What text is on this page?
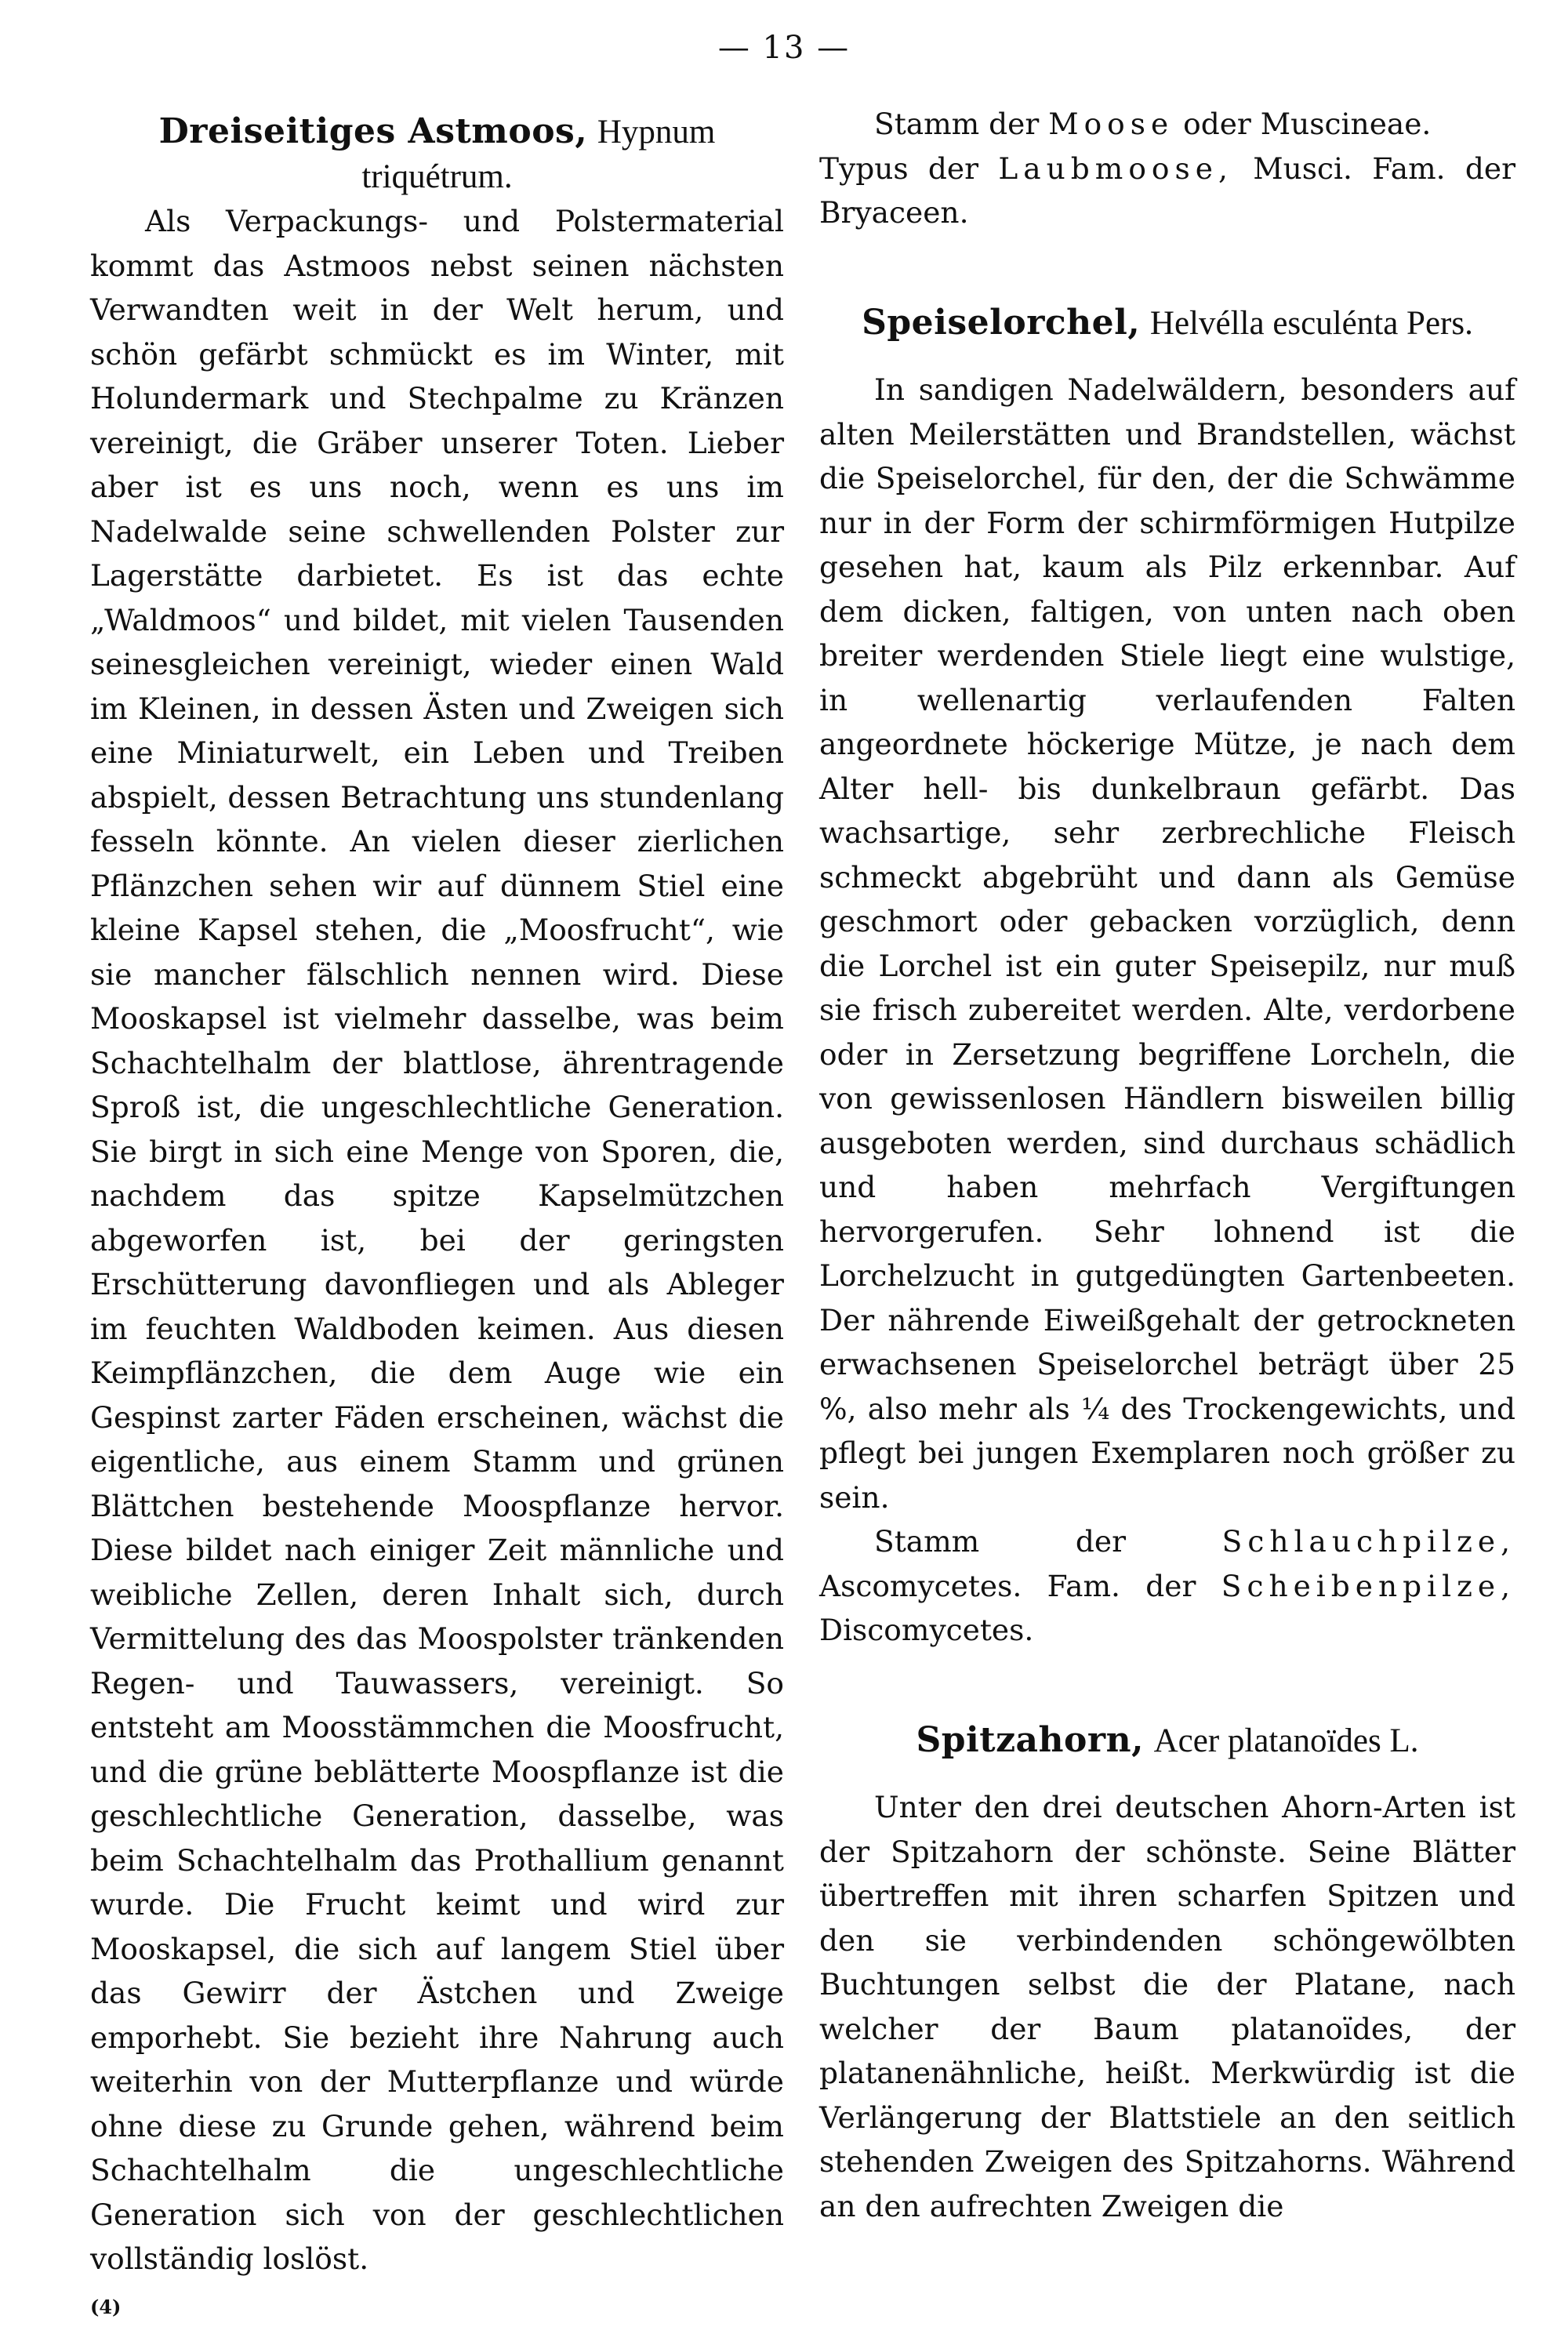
— 13 —
Dreiseitiges Astmoos, Hypnum triquétrum.

Als Verpackungs- und Polstermaterial kommt das Astmoos nebst seinen nächsten Verwandten weit in der Welt herum, und schön gefärbt schmückt es im Winter, mit Holundermark und Stechpalme zu Kränzen vereinigt, die Gräber unserer Toten. Lieber aber ist es uns noch, wenn es uns im Nadelwalde seine schwellenden Polster zur Lagerstätte darbietet. Es ist das echte „Waldmoos“ und bildet, mit vielen Tausenden seinesgleichen vereinigt, wieder einen Wald im Kleinen, in dessen Ästen und Zweigen sich eine Miniaturwelt, ein Leben und Treiben abspielt, dessen Betrachtung uns stundenlang fesseln könnte. An vielen dieser zierlichen Pflänzchen sehen wir auf dünnem Stiel eine kleine Kapsel stehen, die „Moosfrucht“, wie sie mancher fälschlich nennen wird. Diese Mooskapsel ist vielmehr dasselbe, was beim Schachtelhalm der blattlose, ährentragende Sproß ist, die ungeschlechtliche Generation. Sie birgt in sich eine Menge von Sporen, die, nachdem das spitze Kapselmützchen abgeworfen ist, bei der geringsten Erschütterung davonfliegen und als Ableger im feuchten Waldboden keimen. Aus diesen Keimpflänzchen, die dem Auge wie ein Gespinst zarter Fäden erscheinen, wächst die eigentliche, aus einem Stamm und grünen Blättchen bestehende Moospflanze hervor. Diese bildet nach einiger Zeit männliche und weibliche Zellen, deren Inhalt sich, durch Vermittelung des das Moospolster tränkenden Regen- und Tauwassers, vereinigt. So entsteht am Moosstämmchen die Moosfrucht, und die grüne beblätterte Moospflanze ist die geschlechtliche Generation, dasselbe, was beim Schachtelhalm das Prothallium genannt wurde. Die Frucht keimt und wird zur Mooskapsel, die sich auf langem Stiel über das Gewirr der Ästchen und Zweige emporhebt. Sie bezieht ihre Nahrung auch weiterhin von der Mutterpflanze und würde ohne diese zu Grunde gehen, während beim Schachtelhalm die ungeschlechtliche Generation sich von der geschlechtlichen vollständig loslöst.

Stamm der Moose oder Muscineae.

Typus der Laubmoose, Musci. Fam. der Bryaceen.

Speiselorchel, Helvélla esculénta Pers.

In sandigen Nadelwäldern, besonders auf alten Meilerstätten und Brandstellen, wächst die Speiselorchel, für den, der die Schwämme nur in der Form der schirmförmigen Hutpilze gesehen hat, kaum als Pilz erkennbar. Auf dem dicken, faltigen, von unten nach oben breiter werdenden Stiele liegt eine wulstige, in wellenartig verlaufenden Falten angeordnete höckerige Mütze, je nach dem Alter hell- bis dunkelbraun gefärbt. Das wachsartige, sehr zerbrechliche Fleisch schmeckt abgebrüht und dann als Gemüse geschmort oder gebacken vorzüglich, denn die Lorchel ist ein guter Speisepilz, nur muß sie frisch zubereitet werden. Alte, verdorbene oder in Zersetzung begriffene Lorcheln, die von gewissenlosen Händlern bisweilen billig ausgeboten werden, sind durchaus schädlich und haben mehrfach Vergiftungen hervorgerufen. Sehr lohnend ist die Lorchelzucht in gutgedüngten Gartenbeeten. Der nährende Eiweißgehalt der getrockneten erwachsenen Speiselorchel beträgt über 25 %, also mehr als ¼ des Trockengewichts, und pflegt bei jungen Exemplaren noch größer zu sein.

Stamm der	Schlauchpilze, Ascomycetes. Fam. der Scheibenpilze, Discomycetes.

Spitzahorn, Acer platanoïdes L.

Unter den drei deutschen Ahorn-Arten ist der Spitzahorn der schönste. Seine Blätter übertreffen mit ihren scharfen Spitzen und den sie verbindenden schöngewölbten Buchtungen selbst die der Platane, nach welcher der Baum platanoïdes, der platanenähnliche, heißt. Merkwürdig ist die Verlängerung der Blattstiele an den seitlich stehenden Zweigen des Spitzahorns. Während an den aufrechten Zweigen die

(4)
